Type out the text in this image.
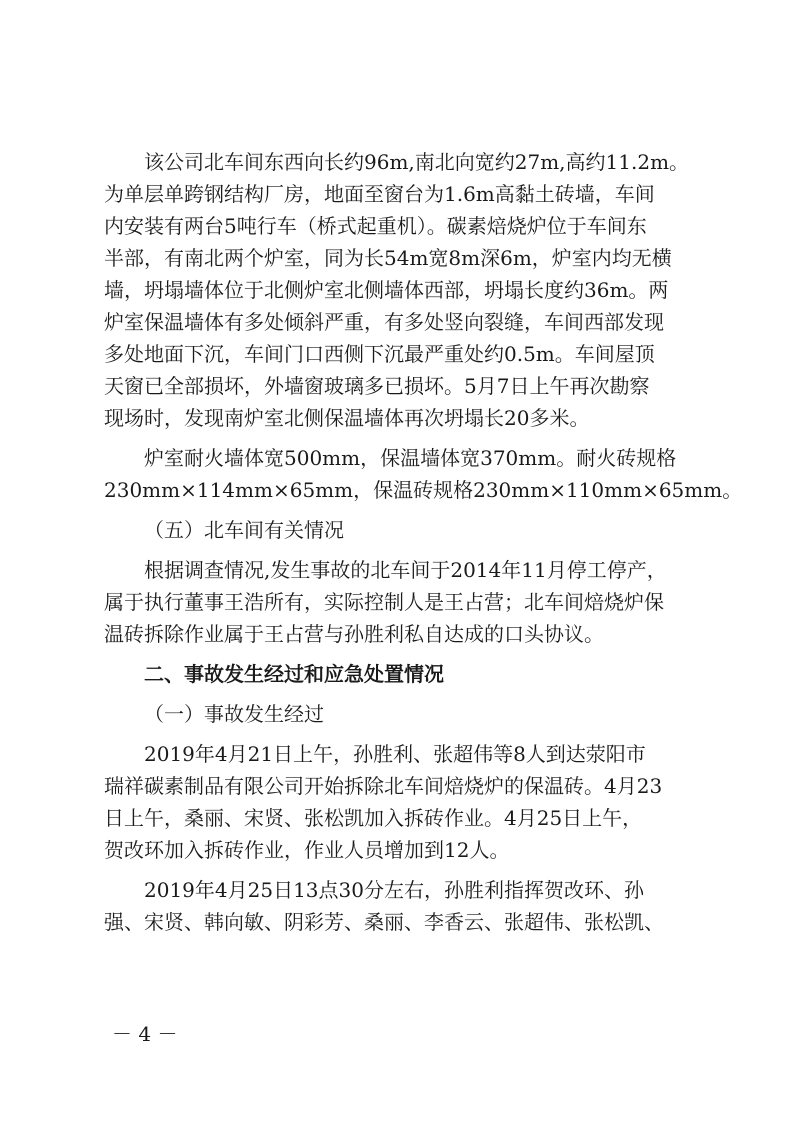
该公司北车间东西向长约96m,南北向宽约27m,高约11.2m。
为单层单跨钢结构厂房，地面至窗台为1.6m高黏土砖墙，车间
内安装有两台5吨行车（桥式起重机）。碳素焙烧炉位于车间东
半部，有南北两个炉室，同为长54m宽8m深6m，炉室内均无横
墙，坍塌墙体位于北侧炉室北侧墙体西部，坍塌长度约36m。两
炉室保温墙体有多处倾斜严重，有多处竖向裂缝，车间西部发现
多处地面下沉，车间门口西侧下沉最严重处约0.5m。车间屋顶
天窗已全部损坏，外墙窗玻璃多已损坏。5月7日上午再次勘察
现场时，发现南炉室北侧保温墙体再次坍塌长20多米。
炉室耐火墙体宽500mm，保温墙体宽370mm。耐火砖规格
230mm×114mm×65mm，保温砖规格230mm×110mm×65mm。
（五）北车间有关情况
根据调查情况,发生事故的北车间于2014年11月停工停产，
属于执行董事王浩所有，实际控制人是王占营；北车间焙烧炉保
温砖拆除作业属于王占营与孙胜利私自达成的口头协议。
二、事故发生经过和应急处置情况
（一）事故发生经过
2019年4月21日上午，孙胜利、张超伟等8人到达荥阳市
瑞祥碳素制品有限公司开始拆除北车间焙烧炉的保温砖。4月23
日上午，桑丽、宋贤、张松凯加入拆砖作业。4月25日上午，
贺改环加入拆砖作业，作业人员增加到12人。
2019年4月25日13点30分左右，孙胜利指挥贺改环、孙
强、宋贤、韩向敏、阴彩芳、桑丽、李香云、张超伟、张松凯、
－ 4 －
